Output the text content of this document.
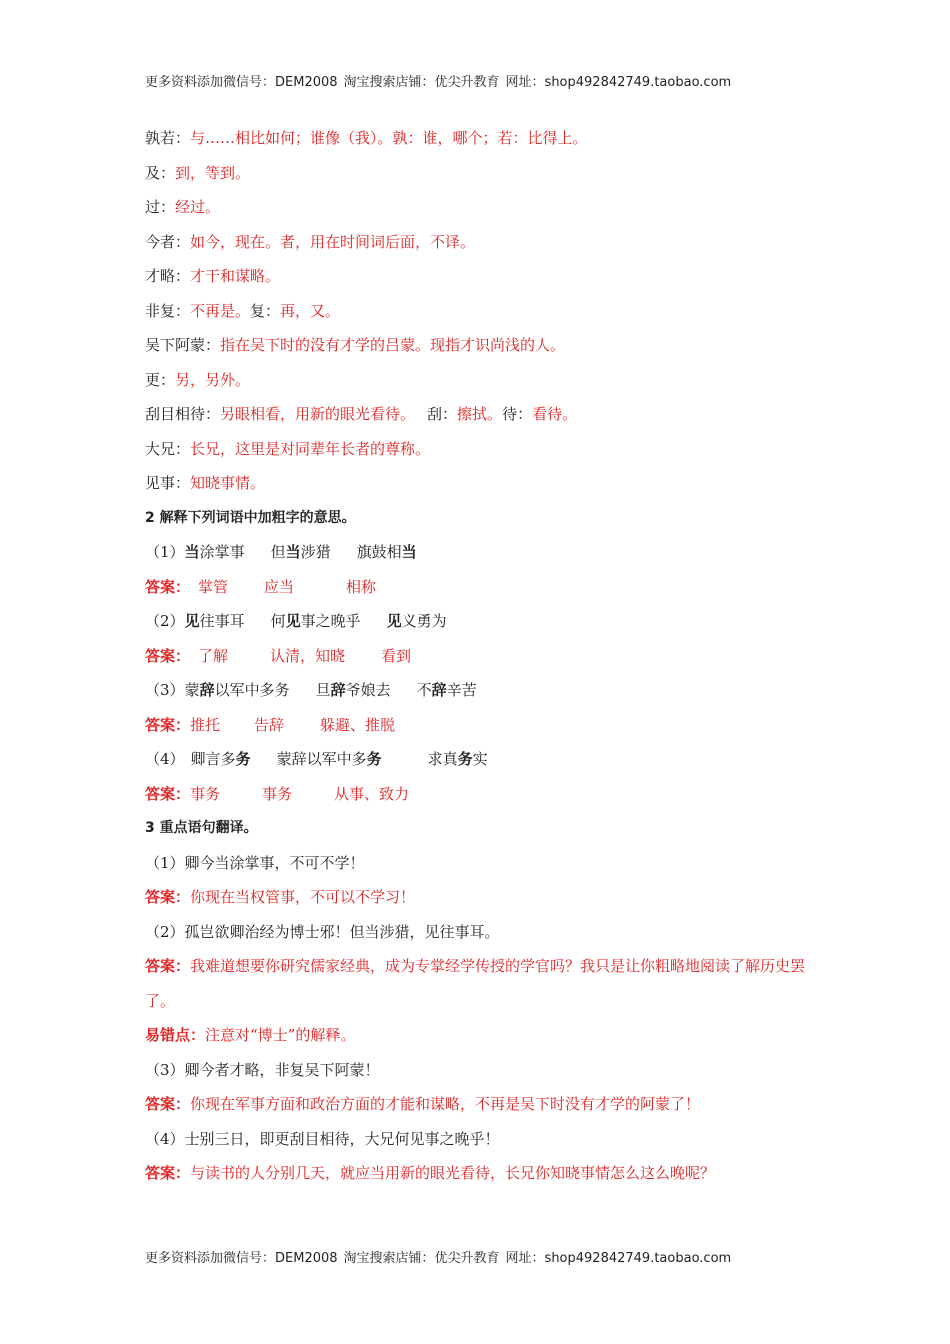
更多资料添加微信号：DEM2008 淘宝搜索店铺：优尖升教育 网址：shop492842749.taobao.com
孰若：与……相比如何；谁像（我）。孰：谁，哪个；若：比得上。
及：到，等到。
过：经过。
今者：如今，现在。者，用在时间词后面，不译。
才略：才干和谋略。
非复：不再是。复：再，又。
吴下阿蒙：指在吴下时的没有才学的吕蒙。现指才识尚浅的人。
更：另，另外。
刮目相待：另眼相看，用新的眼光看待。 刮：擦拭。待：看待。
大兄：长兄，这里是对同辈年长者的尊称。
见事：知晓事情。
2 解释下列词语中加粗字的意思。
（1）当涂掌事 但当涉猎 旗鼓相当
答案： 掌管 应当	相称
（2）见往事耳 何见事之晚乎 见义勇为
答案： 了解	认清，知晓 看到
（3）蒙辞以军中多务 旦辞爷娘去 不辞辛苦
答案：推托 告辞 躲避、推脱
（4） 卿言多务 蒙辞以军中多务	求真务实
答案：事务	事务	从事、致力
3 重点语句翻译。
（1）卿今当涂掌事，不可不学！
答案：你现在当权管事，不可以不学习！
（2）孤岂欲卿治经为博士邪！但当涉猎，见往事耳。
答案：我难道想要你研究儒家经典，成为专掌经学传授的学官吗？我只是让你粗略地阅读了解历史罢了。
易错点：注意对“博士”的解释。
（3）卿今者才略，非复吴下阿蒙！
答案：你现在军事方面和政治方面的才能和谋略，不再是吴下时没有才学的阿蒙了！
（4）士别三日，即更刮目相待，大兄何见事之晚乎！
答案：与读书的人分别几天，就应当用新的眼光看待，长兄你知晓事情怎么这么晚呢？
更多资料添加微信号：DEM2008 淘宝搜索店铺：优尖升教育 网址：shop492842749.taobao.com
